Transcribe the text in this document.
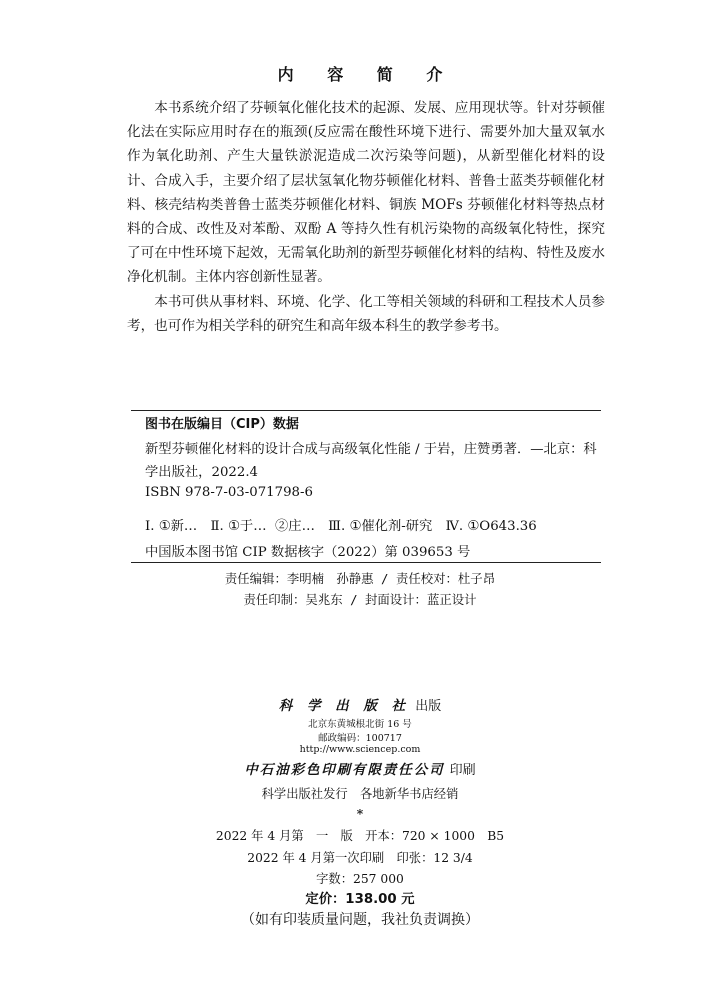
内 容 简 介

本书系统介绍了芬顿氧化催化技术的起源、发展、应用现状等。针对芬顿催化法在实际应用时存在的瓶颈(反应需在酸性环境下进行、需要外加大量双氧水作为氧化助剂、产生大量铁淤泥造成二次污染等问题)，从新型催化材料的设计、合成入手，主要介绍了层状氢氧化物芬顿催化材料、普鲁士蓝类芬顿催化材料、核壳结构类普鲁士蓝类芬顿催化材料、铜族 MOFs 芬顿催化材料等热点材料的合成、改性及对苯酚、双酚 A 等持久性有机污染物的高级氧化特性，探究了可在中性环境下起效，无需氧化助剂的新型芬顿催化材料的结构、特性及废水净化机制。主体内容创新性显著。

本书可供从事材料、环境、化学、化工等相关领域的科研和工程技术人员参考，也可作为相关学科的研究生和高年级本科生的教学参考书。

图书在版编目（CIP）数据

新型芬顿催化材料的设计合成与高级氧化性能 / 于岩，庄赞勇著．—北京：科学出版社，2022.4

ISBN 978-7-03-071798-6
Ⅰ. ①新…　Ⅱ. ①于…  ②庄…　Ⅲ. ①催化剂-研究　Ⅳ. ①O643.36
中国版本图书馆 CIP 数据核字（2022）第 039653 号
责任编辑：李明楠　孙静惠 / 责任校对：杜子昂
责任印制：吴兆东 / 封面设计：蓝正设计
科 学 出 版 社 出版
北京东黄城根北街 16 号
邮政编码：100717
http://www.sciencep.com
中石油彩色印刷有限责任公司 印刷
科学出版社发行　各地新华书店经销
*
2022 年 4 月第　一　版　开本：720 × 1000　B5
2022 年 4 月第一次印刷　印张：12 3/4
字数：257 000
定价：138.00 元
（如有印装质量问题，我社负责调换）
